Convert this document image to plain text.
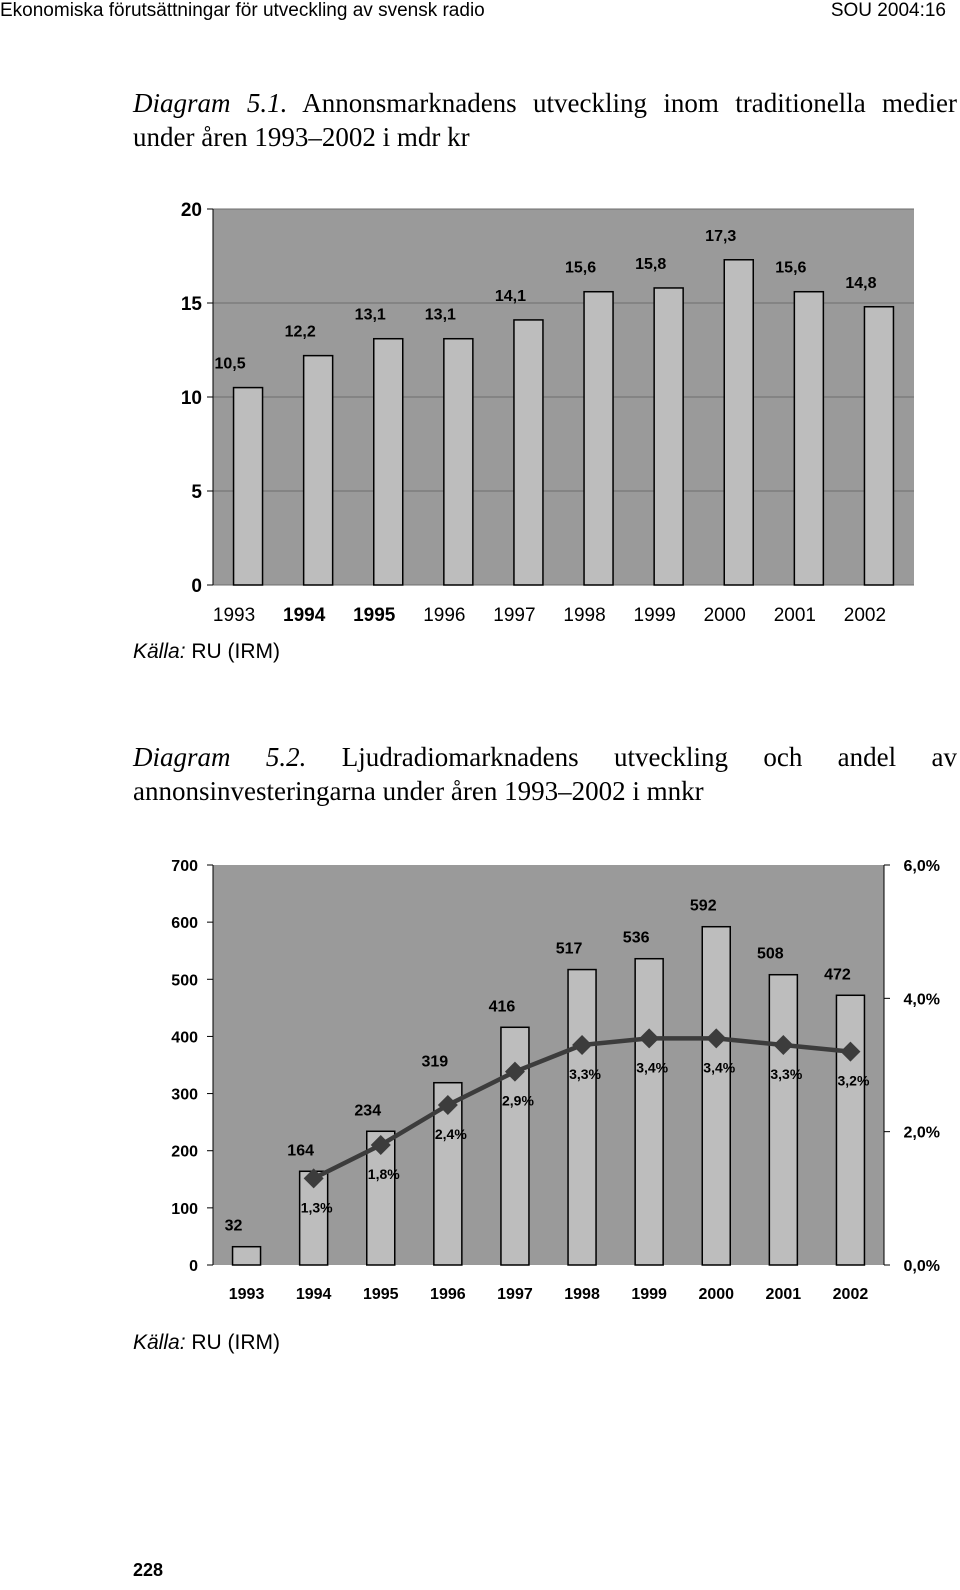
Ekonomiska förutsättningar för utveckling av svensk radio	SOU 2004:16
Diagram 5.1. Annonsmarknadens utveckling inom traditionella medier under åren 1993–2002 i mdr kr
0
5
10
15
20
10,5
1993
12,2
1994
13,1
1995
13,1
1996
14,1
1997
15,6
1998
15,8
1999
17,3
2000
15,6
2001
14,8
2002
Källa: RU (IRM)
Diagram 5.2. Ljudradiomarknadens utveckling och andel av annonsinvesteringarna under åren 1993–2002 i mnkr
0
100
200
300
400
500
600
700
0,0%
2,0%
4,0%
6,0%
32
1993
164
1994
234
1995
319
1996
416
1997
517
1998
536
1999
592
2000
508
2001
472
2002
1,3%
1,8%
2,4%
2,9%
3,3%	3,4%	3,4%	3,3%	3,2%
Källa: RU (IRM)
228
